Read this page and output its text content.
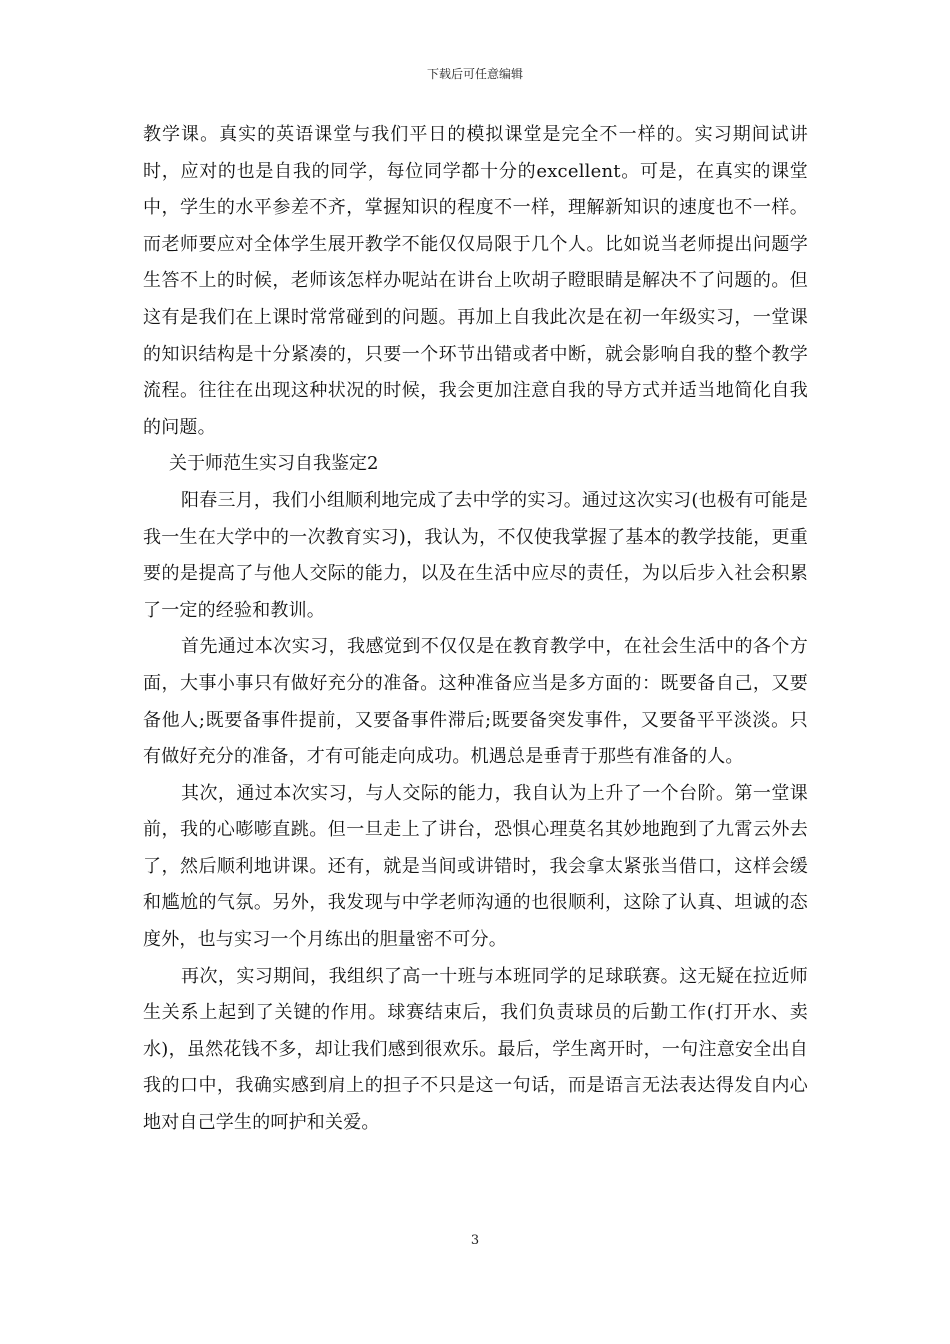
下载后可任意编辑

教学课。真实的英语课堂与我们平日的模拟课堂是完全不一样的。实习期间试讲时，应对的也是自我的同学，每位同学都十分的excellent。可是，在真实的课堂中，学生的水平参差不齐，掌握知识的程度不一样，理解新知识的速度也不一样。而老师要应对全体学生展开教学不能仅仅局限于几个人。比如说当老师提出问题学生答不上的时候，老师该怎样办呢站在讲台上吹胡子瞪眼睛是解决不了问题的。但这有是我们在上课时常常碰到的问题。再加上自我此次是在初一年级实习，一堂课的知识结构是十分紧凑的，只要一个环节出错或者中断，就会影响自我的整个教学流程。往往在出现这种状况的时候，我会更加注意自我的导方式并适当地简化自我的问题。

关于师范生实习自我鉴定2

阳春三月，我们小组顺利地完成了去中学的实习。通过这次实习(也极有可能是我一生在大学中的一次教育实习)，我认为，不仅使我掌握了基本的教学技能，更重要的是提高了与他人交际的能力，以及在生活中应尽的责任，为以后步入社会积累了一定的经验和教训。

首先通过本次实习，我感觉到不仅仅是在教育教学中，在社会生活中的各个方面，大事小事只有做好充分的准备。这种准备应当是多方面的：既要备自己，又要备他人;既要备事件提前，又要备事件滞后;既要备突发事件，又要备平平淡淡。只有做好充分的准备，才有可能走向成功。机遇总是垂青于那些有准备的人。

其次，通过本次实习，与人交际的能力，我自认为上升了一个台阶。第一堂课前，我的心嘭嘭直跳。但一旦走上了讲台，恐惧心理莫名其妙地跑到了九霄云外去了，然后顺利地讲课。还有，就是当间或讲错时，我会拿太紧张当借口，这样会缓和尴尬的气氛。另外，我发现与中学老师沟通的也很顺利，这除了认真、坦诚的态度外，也与实习一个月练出的胆量密不可分。

再次，实习期间，我组织了高一十班与本班同学的足球联赛。这无疑在拉近师生关系上起到了关键的作用。球赛结束后，我们负责球员的后勤工作(打开水、卖水)，虽然花钱不多，却让我们感到很欢乐。最后，学生离开时，一句注意安全出自我的口中，我确实感到肩上的担子不只是这一句话，而是语言无法表达得发自内心地对自己学生的呵护和关爱。

3
